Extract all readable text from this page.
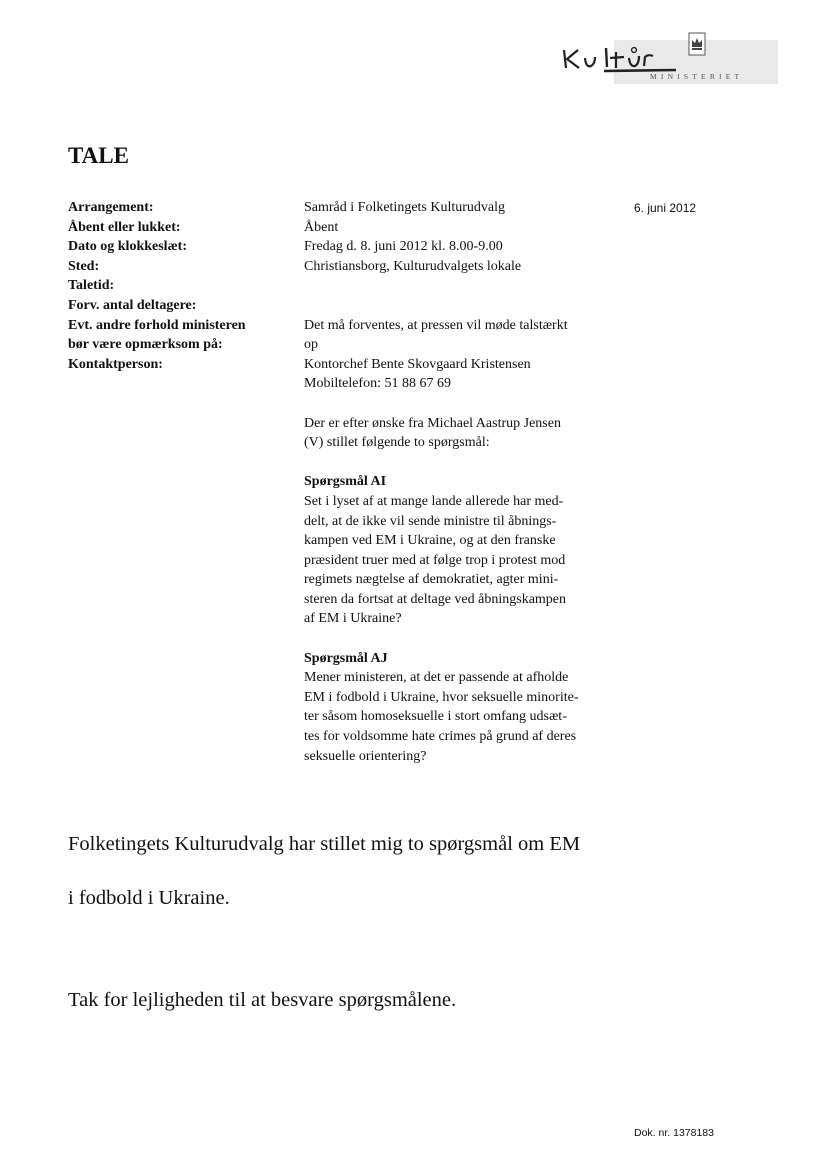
MINISTERIET
6. juni 2012
TALE
Arrangement:
Åbent eller lukket:
Dato og klokkeslæt:
Sted:
Taletid:
Forv. antal deltagere:
Evt. andre forhold ministeren
bør være opmærksom på:
Kontaktperson:
Samråd i Folketingets Kulturudvalg
Åbent
Fredag d. 8. juni 2012 kl. 8.00-9.00
Christiansborg, Kulturudvalgets lokale
Det må forventes, at pressen vil møde talstærkt
op
Kontorchef Bente Skovgaard Kristensen
Mobiltelefon: 51 88 67 69
Der er efter ønske fra Michael Aastrup Jensen
(V) stillet følgende to spørgsmål:
Spørgsmål AI
Set i lyset af at mange lande allerede har med-
delt, at de ikke vil sende ministre til åbnings-
kampen ved EM i Ukraine, og at den franske
præsident truer med at følge trop i protest mod
regimets nægtelse af demokratiet, agter mini-
steren da fortsat at deltage ved åbningskampen
af EM i Ukraine?
Spørgsmål AJ
Mener ministeren, at det er passende at afholde
EM i fodbold i Ukraine, hvor seksuelle minorite-
ter såsom homoseksuelle i stort omfang udsæt-
tes for voldsomme hate crimes på grund af deres
seksuelle orientering?

Folketingets Kulturudvalg har stillet mig to spørgsmål om EM

i fodbold i Ukraine.

Tak for lejligheden til at besvare spørgsmålene.

Dok. nr. 1378183
